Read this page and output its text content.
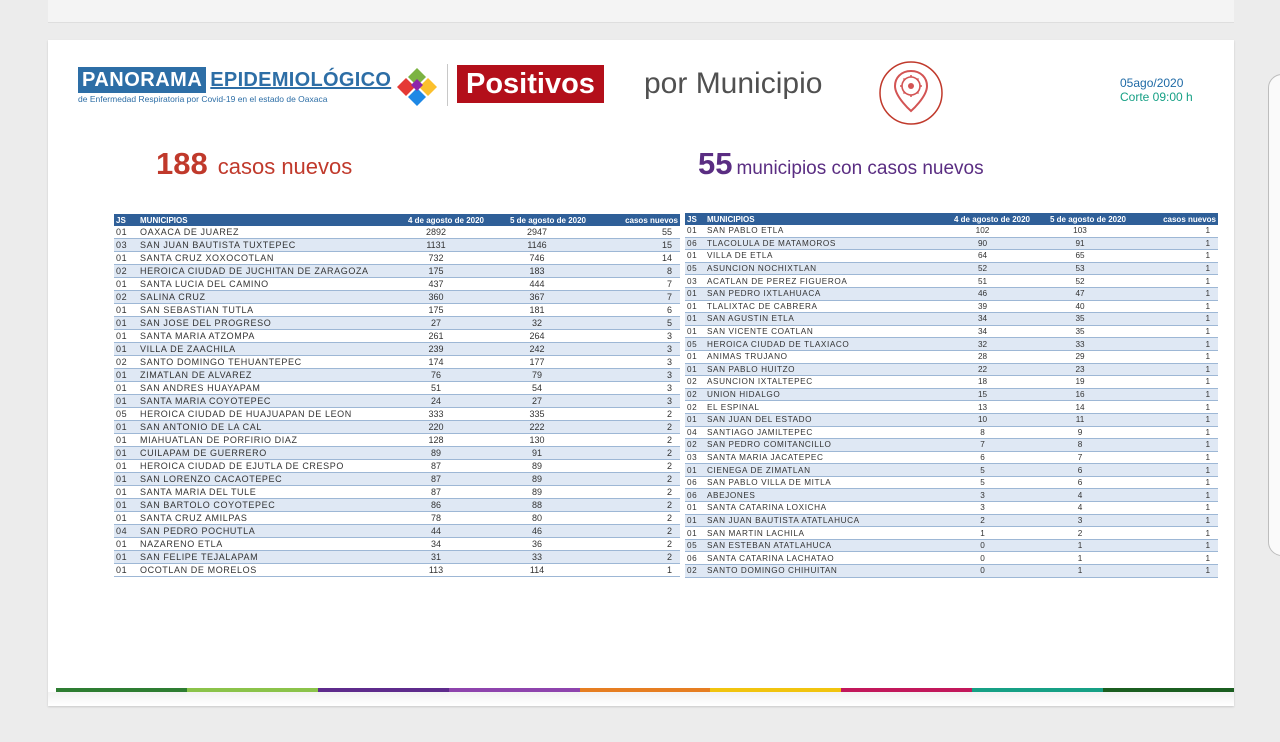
PANORAMA EPIDEMIOLÓGICO
de Enfermedad Respiratoria por Covid-19 en el estado de Oaxaca	Positivos	por Municipio	05ago/2020
Corte 09:00 h
188 casos nuevos	55 municipios con casos nuevos
JS	MUNICIPIOS	4 de agosto de 2020	5 de agosto de 2020	casos nuevos
01	OAXACA DE JUAREZ	2892	2947	55
03	SAN JUAN BAUTISTA TUXTEPEC	1131	1146	15
01	SANTA CRUZ XOXOCOTLAN	732	746	14
02	HEROICA CIUDAD DE JUCHITAN DE ZARAGOZA	175	183	8
01	SANTA LUCIA DEL CAMINO	437	444	7
02	SALINA CRUZ	360	367	7
01	SAN SEBASTIAN TUTLA	175	181	6
01	SAN JOSE DEL PROGRESO	27	32	5
01	SANTA MARIA ATZOMPA	261	264	3
01	VILLA DE ZAACHILA	239	242	3
02	SANTO DOMINGO TEHUANTEPEC	174	177	3
01	ZIMATLAN DE ALVAREZ	76	79	3
01	SAN ANDRES HUAYAPAM	51	54	3
01	SANTA MARIA COYOTEPEC	24	27	3
05	HEROICA CIUDAD DE HUAJUAPAN DE LEON	333	335	2
01	SAN ANTONIO DE LA CAL	220	222	2
01	MIAHUATLAN DE PORFIRIO DIAZ	128	130	2
01	CUILAPAM DE GUERRERO	89	91	2
01	HEROICA CIUDAD DE EJUTLA DE CRESPO	87	89	2
01	SAN LORENZO CACAOTEPEC	87	89	2
01	SANTA MARIA DEL TULE	87	89	2
01	SAN BARTOLO COYOTEPEC	86	88	2
01	SANTA CRUZ AMILPAS	78	80	2
04	SAN PEDRO POCHUTLA	44	46	2
01	NAZARENO ETLA	34	36	2
01	SAN FELIPE TEJALAPAM	31	33	2
01	OCOTLAN DE MORELOS	113	114	1
JS	MUNICIPIOS	4 de agosto de 2020	5 de agosto de 2020	casos nuevos
01	SAN PABLO ETLA	102	103	1
06	TLACOLULA DE MATAMOROS	90	91	1
01	VILLA DE ETLA	64	65	1
05	ASUNCION NOCHIXTLAN	52	53	1
03	ACATLAN DE PEREZ FIGUEROA	51	52	1
01	SAN PEDRO IXTLAHUACA	46	47	1
01	TLALIXTAC DE CABRERA	39	40	1
01	SAN AGUSTIN ETLA	34	35	1
01	SAN VICENTE COATLAN	34	35	1
05	HEROICA CIUDAD DE TLAXIACO	32	33	1
01	ANIMAS TRUJANO	28	29	1
01	SAN PABLO HUITZO	22	23	1
02	ASUNCION IXTALTEPEC	18	19	1
02	UNION HIDALGO	15	16	1
02	EL ESPINAL	13	14	1
01	SAN JUAN DEL ESTADO	10	11	1
04	SANTIAGO JAMILTEPEC	8	9	1
02	SAN PEDRO COMITANCILLO	7	8	1
03	SANTA MARIA JACATEPEC	6	7	1
01	CIENEGA DE ZIMATLAN	5	6	1
06	SAN PABLO VILLA DE MITLA	5	6	1
06	ABEJONES	3	4	1
01	SANTA CATARINA LOXICHA	3	4	1
01	SAN JUAN BAUTISTA ATATLAHUCA	2	3	1
01	SAN MARTIN LACHILA	1	2	1
05	SAN ESTEBAN ATATLAHUCA	0	1	1
06	SANTA CATARINA LACHATAO	0	1	1
02	SANTO DOMINGO CHIHUITAN	0	1	1
